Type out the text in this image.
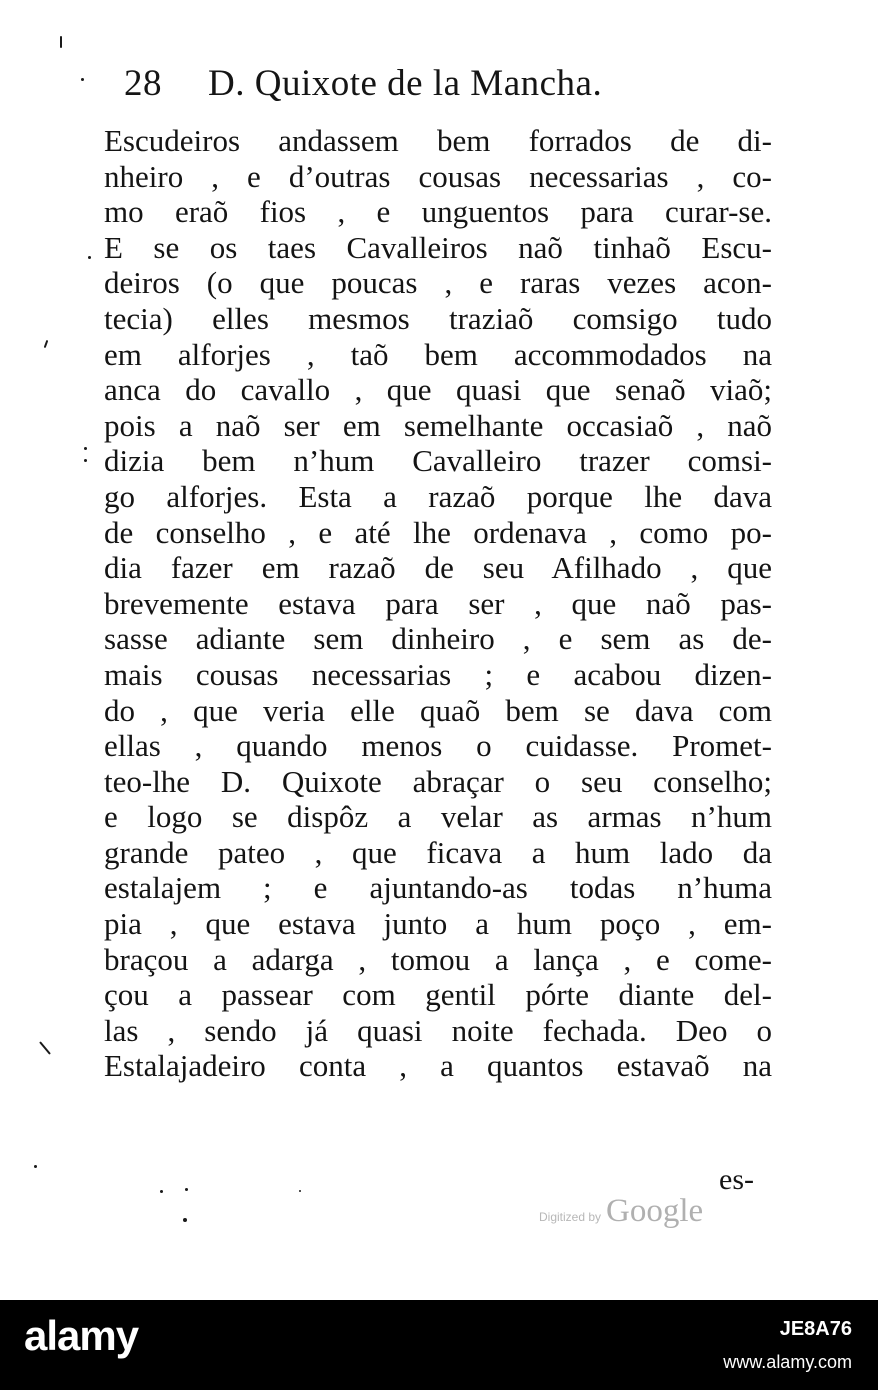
28 D. Quixote de la Mancha.
Escudeiros andassem bem forrados de di-
nheiro , e d’outras cousas necessarias , co-
mo eraõ fios , e unguentos para curar-se.
E se os taes Cavalleiros naõ tinhaõ Escu-
deiros (o que poucas , e raras vezes acon-
tecia) elles mesmos traziaõ comsigo tudo
em alforjes , taõ bem accommodados na
anca do cavallo , que quasi que senaõ viaõ;
pois a naõ ser em semelhante occasiaõ , naõ
dizia bem n’hum Cavalleiro trazer comsi-
go alforjes. Esta a razaõ porque lhe dava
de conselho , e até lhe ordenava , como po-
dia fazer em razaõ de seu Afilhado , que
brevemente estava para ser , que naõ pas-
sasse adiante sem dinheiro , e sem as de-
mais cousas necessarias ; e acabou dizen-
do , que veria elle quaõ bem se dava com
ellas , quando menos o cuidasse. Promet-
teo-lhe D. Quixote abraçar o seu conselho;
e logo se dispôz a velar as armas n’hum
grande pateo , que ficava a hum lado da
estalajem ; e ajuntando-as todas n’huma
pia , que estava junto a hum poço , em-
braçou a adarga , tomou a lança , e come-
çou a passear com gentil pórte diante del-
las , sendo já quasi noite fechada. Deo o
Estalajadeiro conta , a quantos estavaõ na
es-
Digitized by Google
alamy	JE8A76
www.alamy.com
